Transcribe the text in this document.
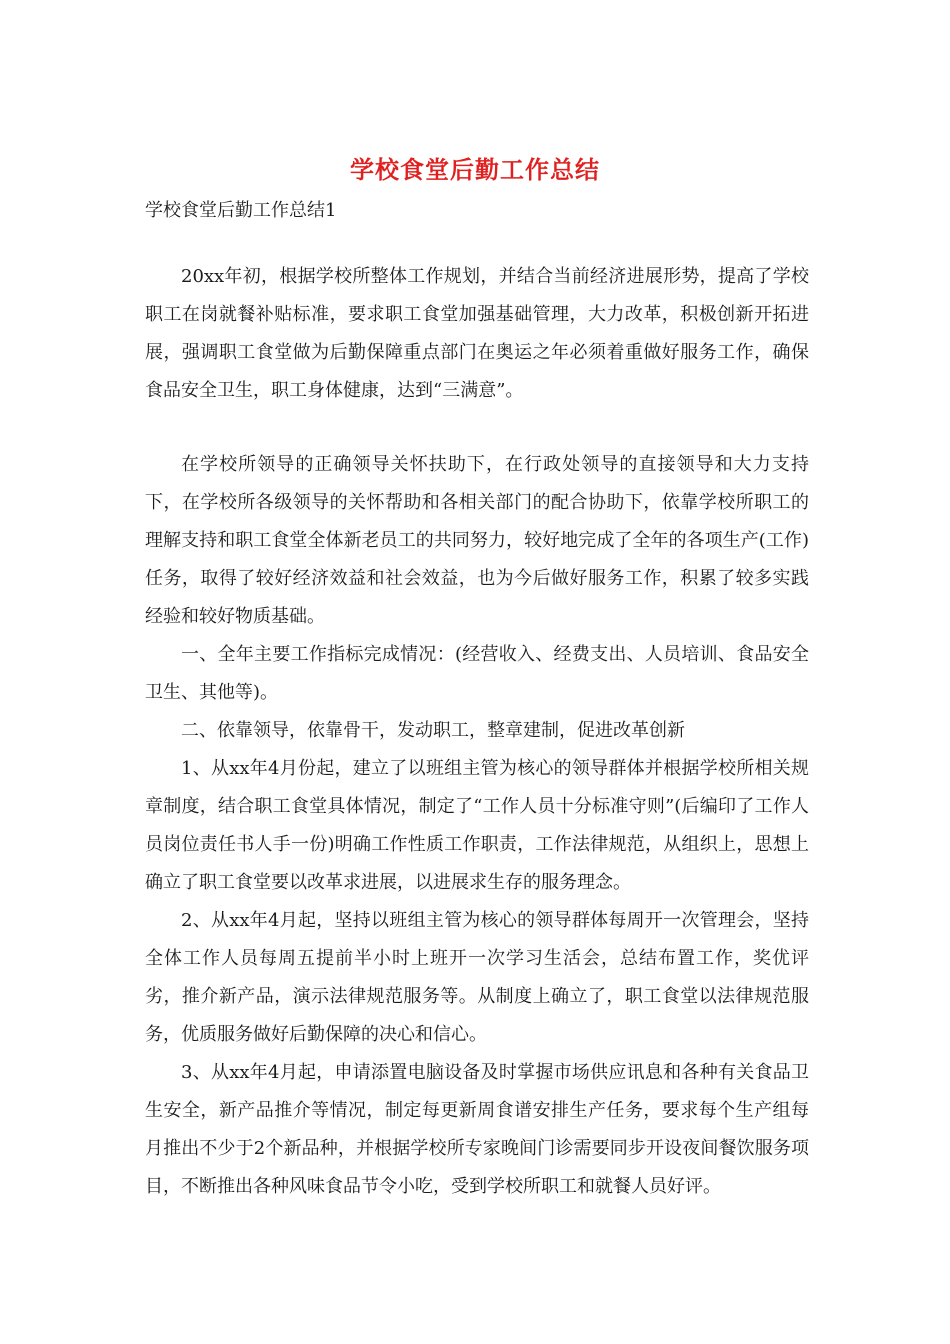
学校食堂后勤工作总结

学校食堂后勤工作总结1

20xx年初，根据学校所整体工作规划，并结合当前经济进展形势，提高了学校职工在岗就餐补贴标准，要求职工食堂加强基础管理，大力改革，积极创新开拓进展，强调职工食堂做为后勤保障重点部门在奥运之年必须着重做好服务工作，确保食品安全卫生，职工身体健康，达到“三满意”。

在学校所领导的正确领导关怀扶助下，在行政处领导的直接领导和大力支持下，在学校所各级领导的关怀帮助和各相关部门的配合协助下，依靠学校所职工的理解支持和职工食堂全体新老员工的共同努力，较好地完成了全年的各项生产(工作)任务，取得了较好经济效益和社会效益，也为今后做好服务工作，积累了较多实践经验和较好物质基础。

一、全年主要工作指标完成情况：(经营收入、经费支出、人员培训、食品安全卫生、其他等)。

二、依靠领导，依靠骨干，发动职工，整章建制，促进改革创新

1、从xx年4月份起，建立了以班组主管为核心的领导群体并根据学校所相关规章制度，结合职工食堂具体情况，制定了“工作人员十分标准守则”(后编印了工作人员岗位责任书人手一份)明确工作性质工作职责，工作法律规范，从组织上，思想上确立了职工食堂要以改革求进展，以进展求生存的服务理念。

2、从xx年4月起，坚持以班组主管为核心的领导群体每周开一次管理会，坚持全体工作人员每周五提前半小时上班开一次学习生活会，总结布置工作，奖优评劣，推介新产品，演示法律规范服务等。从制度上确立了，职工食堂以法律规范服务，优质服务做好后勤保障的决心和信心。

3、从xx年4月起，申请添置电脑设备及时掌握市场供应讯息和各种有关食品卫生安全，新产品推介等情况，制定每更新周食谱安排生产任务，要求每个生产组每月推出不少于2个新品种，并根据学校所专家晚间门诊需要同步开设夜间餐饮服务项目，不断推出各种风味食品节令小吃，受到学校所职工和就餐人员好评。
